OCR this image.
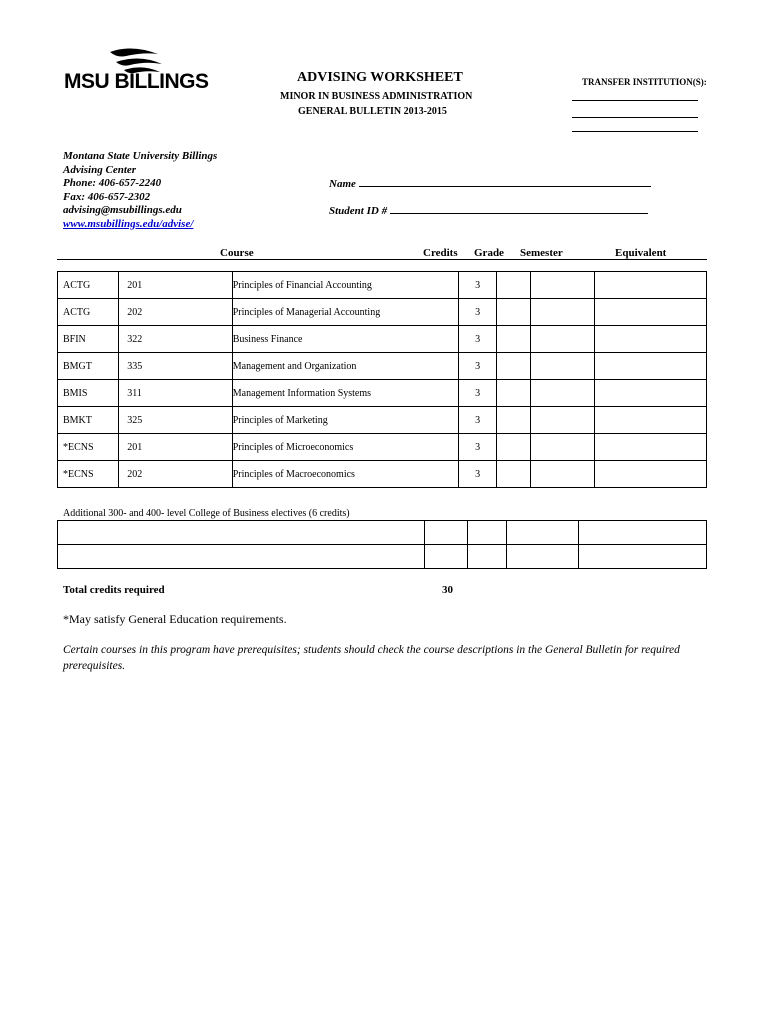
MSU BILLINGS	ADVISING WORKSHEET
MINOR IN BUSINESS ADMINISTRATION
GENERAL BULLETIN 2013-2015
TRANSFER INSTITUTION(S):
Montana State University Billings
Advising Center
Phone: 406-657-2240
Fax: 406-657-2302
advising@msubillings.edu
www.msubillings.edu/advise/
Name
Student ID #
Course	Credits Grade Semester	Equivalent
ACTG	201	Principles of Financial Accounting	3			
ACTG	202	Principles of Managerial Accounting	3			
BFIN	322	Business Finance	3			
BMGT	335	Management and Organization	3			
BMIS	311	Management Information Systems	3			
BMKT	325	Principles of Marketing	3			
*ECNS	201	Principles of Microeconomics	3			
*ECNS	202	Principles of Macroeconomics	3			
Additional 300- and 400- level College of Business electives (6 credits)

Total credits required	30
*May satisfy General Education requirements.
Certain courses in this program have prerequisites; students should check the course descriptions in the General Bulletin for required prerequisites.
